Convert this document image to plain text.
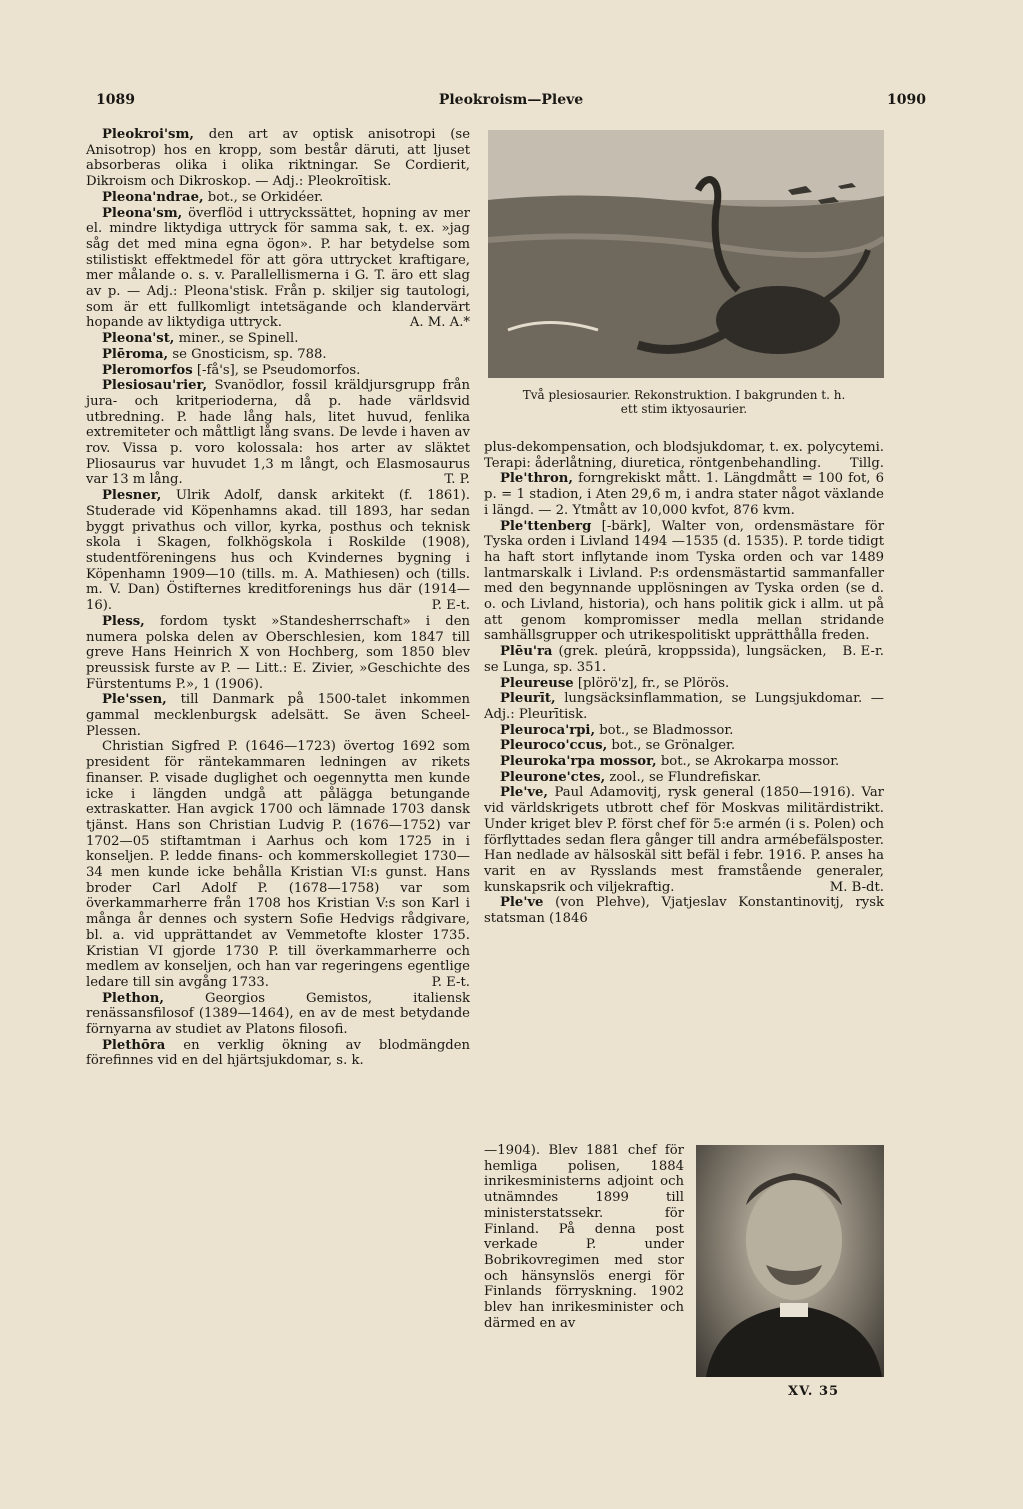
1089	Pleokroism—Pleve	1090

Pleokroi'sm, den art av optisk anisotropi (se Anisotrop) hos en kropp, som består däruti, att ljuset absorberas olika i olika riktningar. Se Cordierit, Dikroism och Dikroskop. — Adj.: Pleokroītisk.

Pleona'ndrae, bot., se Orkidéer.

Pleona'sm, överflöd i uttryckssättet, hopning av mer el. mindre liktydiga uttryck för samma sak, t. ex. »jag såg det med mina egna ögon». P. har betydelse som stilistiskt effektmedel för att göra uttrycket kraftigare, mer målande o. s. v. Parallellismerna i G. T. äro ett slag av p. — Adj.: Pleona'stisk. Från p. skiljer sig tautologi, som är ett fullkomligt intetsägande och klandervärt hopande av liktydiga uttryck.	A. M. A.*

Pleona'st, miner., se Spinell.

Plēroma, se Gnosticism, sp. 788.

Pleromorfos [-få's], se Pseudomorfos.

Plesiosau'rier, Svanödlor, fossil kräldjursgrupp från jura- och kritperioderna, då p. hade världsvid utbredning. P. hade lång hals, litet huvud, fenlika extremiteter och måttligt lång svans. De levde i haven av rov. Vissa p. voro kolossala: hos arter av släktet Pliosaurus var huvudet 1,3 m långt, och Elasmosaurus var 13 m lång.	T. P.

Plesner, Ulrik Adolf, dansk arkitekt (f. 1861). Studerade vid Köpenhamns akad. till 1893, har sedan byggt privathus och villor, kyrka, posthus och teknisk skola i Skagen, folkhögskola i Roskilde (1908), studentföreningens hus och Kvindernes bygning i Köpenhamn 1909—10 (tills. m. A. Mathiesen) och (tills. m. V. Dan) Östifternes kreditforenings hus där (1914—16).	P. E-t.

Pless, fordom tyskt »Standesherrschaft» i den numera polska delen av Oberschlesien, kom 1847 till greve Hans Heinrich X von Hochberg, som 1850 blev preussisk furste av P. — Litt.: E. Zivier, »Geschichte des Fürstentums P.», 1 (1906).

Ple'ssen, till Danmark på 1500-talet inkommen gammal mecklenburgsk adelsätt. Se även Scheel-Plessen.

Christian Sigfred P. (1646—1723) övertog 1692 som president för räntekammaren ledningen av rikets finanser. P. visade duglighet och oegennytta men kunde icke i längden undgå att pålägga betungande extraskatter. Han avgick 1700 och lämnade 1703 dansk tjänst. Hans son Christian Ludvig P. (1676—1752) var 1702—05 stiftamtman i Aarhus och kom 1725 in i konseljen. P. ledde finans- och kommerskollegiet 1730—34 men kunde icke behålla Kristian VI:s gunst. Hans broder Carl Adolf P. (1678—1758) var som överkammarherre från 1708 hos Kristian V:s son Karl i många år dennes och systern Sofie Hedvigs rådgivare, bl. a. vid upprättandet av Vemmetofte kloster 1735. Kristian VI gjorde 1730 P. till överkammarherre och medlem av konseljen, och han var regeringens egentlige ledare till sin avgång 1733.	P. E-t.

Plethon, Georgios Gemistos, italiensk renässansfilosof (1389—1464), en av de mest betydande förnyarna av studiet av Platons filosofi.

Plethōra en verklig ökning av blodmängden förefinnes vid en del hjärtsjukdomar, s. k.

Två plesiosaurier. Rekonstruktion. I bakgrunden t. h.
ett stim iktyosaurier.

plus-dekompensation, och blodsjukdomar, t. ex. polycytemi. Terapi: åderlåtning, diuretica, röntgenbehandling. Tillg.

Ple'thron, forngrekiskt mått. 1. Längdmått = 100 fot, 6 p. = 1 stadion, i Aten 29,6 m, i andra stater något växlande i längd. — 2. Ytmått av 10,000 kvfot, 876 kvm.

Ple'ttenberg [-bärk], Walter von, ordensmästare för Tyska orden i Livland 1494 —1535 (d. 1535). P. torde tidigt ha haft stort inflytande inom Tyska orden och var 1489 lantmarskalk i Livland. P:s ordensmästartid sammanfaller med den begynnande upplösningen av Tyska orden (se d. o. och Livland, historia), och hans politik gick i allm. ut på att genom kompromisser medla mellan stridande samhällsgrupper och utrikespolitiskt upprätthålla freden.
B. E-r.

Plēu'ra (grek. pleúrā, kroppssida), lungsäcken, se Lunga, sp. 351.

Pleureuse [plörö'z], fr., se Plörös.

Pleurīt, lungsäcksinflammation, se Lungsjukdomar. — Adj.: Pleurītisk.

Pleuroca'rpi, bot., se Bladmossor.

Pleuroco'ccus, bot., se Grönalger.

Pleuroka'rpa mossor, bot., se Akrokarpa mossor.

Pleurone'ctes, zool., se Flundrefiskar.

Ple've, Paul Adamovitj, rysk general (1850—1916). Var vid världskrigets utbrott chef för Moskvas militärdistrikt. Under kriget blev P. först chef för 5:e armén (i s. Polen) och förflyttades sedan flera gånger till andra armébefälsposter. Han nedlade av hälsoskäl sitt befäl i febr. 1916. P. anses ha varit en av Rysslands mest framstående generaler, kunskapsrik och viljekraftig.	M. B-dt.

Ple've (von Plehve), Vjatjeslav Konstantinovitj, rysk statsman (1846

—1904). Blev 1881 chef för hemliga polisen, 1884 inrikesministerns adjoint och utnämndes 1899 till ministerstatssekr. för Finland. På denna post verkade P. under Bobrikovregimen med stor och hänsynslös energi för Finlands förryskning. 1902 blev han inrikesminister och därmed en av

XV. 35
